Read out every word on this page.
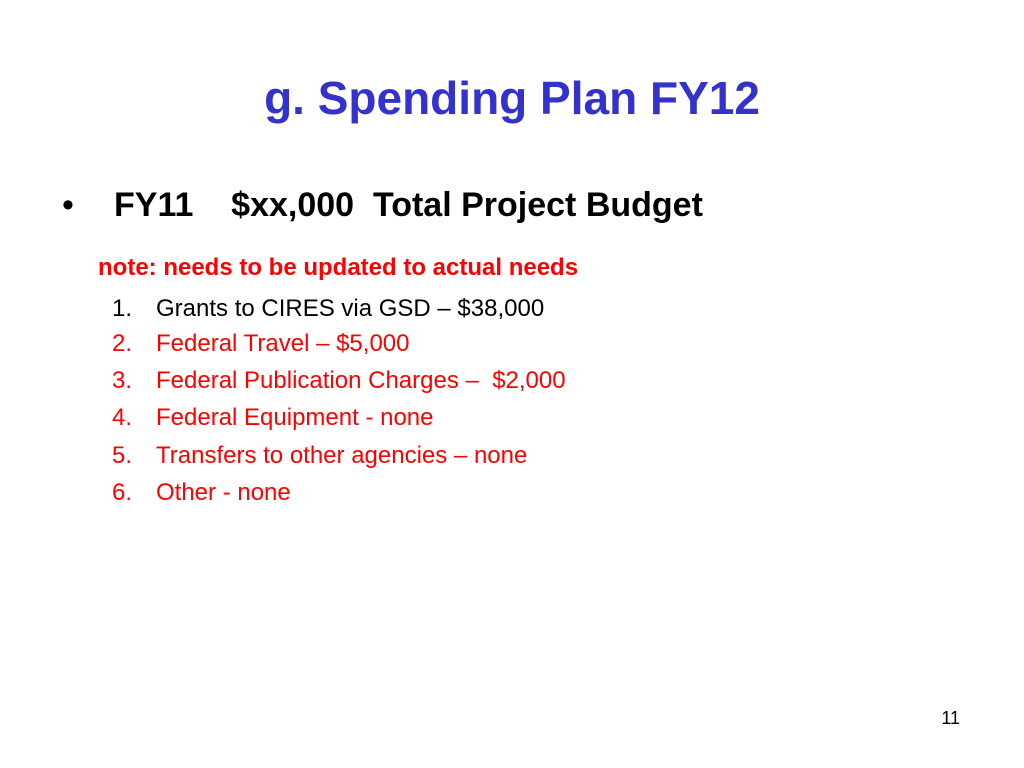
g. Spending Plan FY12

•

FY11    $xx,000  Total Project Budget

note: needs to be updated to actual needs

1.

Grants to CIRES via GSD – $38,000

2.

Federal Travel – $5,000

3.

Federal Publication Charges –  $2,000

4.

Federal Equipment - none

5.

Transfers to other agencies – none

6.

Other - none

11
